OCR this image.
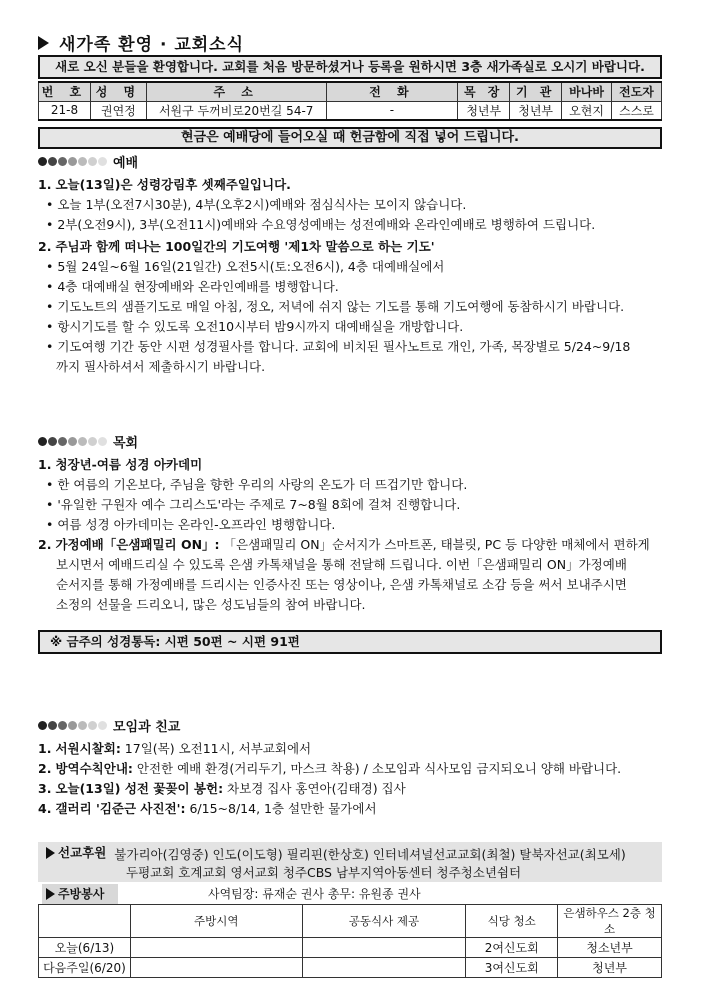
새가족 환영 · 교회소식
새로 오신 분들을 환영합니다. 교회를 처음 방문하셨거나 등록을 원하시면 3층 새가족실로 오시기 바랍니다.
번 호	성 명	주 소	전 화	목 장	기 관	바나바	전도자
21-8	권연정	서원구 두꺼비로20번길 54-7	-	청년부	청년부	오현지	스스로
현금은 예배당에 들어오실 때 헌금함에 직접 넣어 드립니다.
예배
1. 오늘(13일)은 성령강림후 셋째주일입니다.
• 오늘 1부(오전7시30분), 4부(오후2시)예배와 점심식사는 모이지 않습니다.
• 2부(오전9시), 3부(오전11시)예배와 수요영성예배는 성전예배와 온라인예배로 병행하여 드립니다.
2. 주님과 함께 떠나는 100일간의 기도여행 '제1차 말씀으로 하는 기도'
• 5월 24일~6월 16일(21일간) 오전5시(토:오전6시), 4층 대예배실에서
• 4층 대예배실 현장예배와 온라인예배를 병행합니다.
• 기도노트의 샘플기도로 매일 아침, 정오, 저녁에 쉬지 않는 기도를 통해 기도여행에 동참하시기 바랍니다.
• 항시기도를 할 수 있도록 오전10시부터 밤9시까지 대예배실을 개방합니다.
• 기도여행 기간 동안 시편 성경필사를 합니다. 교회에 비치된 필사노트로 개인, 가족, 목장별로 5/24~9/18
까지 필사하셔서 제출하시기 바랍니다.
목회
1. 청장년-여름 성경 아카데미
• 한 여름의 기온보다, 주님을 향한 우리의 사랑의 온도가 더 뜨겁기만 합니다.
• '유일한 구원자 예수 그리스도'라는 주제로 7~8월 8회에 걸쳐 진행합니다.
• 여름 성경 아카데미는 온라인-오프라인 병행합니다.
2. 가정예배「은샘패밀리 ON」: 「은샘패밀리 ON」순서지가 스마트폰, 태블릿, PC 등 다양한 매체에서 편하게
보시면서 예배드리실 수 있도록 은샘 카톡채널을 통해 전달해 드립니다. 이번「은샘패밀리 ON」가정예배
순서지를 통해 가정예배를 드리시는 인증사진 또는 영상이나, 은샘 카톡채널로 소감 등을 써서 보내주시면
소정의 선물을 드리오니, 많은 성도님들의 참여 바랍니다.
※ 금주의 성경통독: 시편 50편 ~ 시편 91편
모임과 친교
1. 서원시찰회: 17일(목) 오전11시, 서부교회에서
2. 방역수칙안내: 안전한 예배 환경(거리두기, 마스크 착용) / 소모임과 식사모임 금지되오니 양해 바랍니다.
3. 오늘(13일) 성전 꽃꽂이 봉헌: 차보경 집사 홍연아(김태경) 집사
4. 갤러리 '김준근 사진전': 6/15~8/14, 1층 설만한 물가에서
선교후원 불가리아(김영중) 인도(이도형) 필리핀(한상호) 인터네셔널선교교회(최철) 탈북자선교(최모세)
두평교회 호계교회 영서교회 청주CBS 남부지역아동센터 청주청소년쉼터
주방봉사	사역팀장: 류재순 권사 총무: 유원종 권사
	주방시역	공동식사 제공	식당 청소	은샘하우스 2층 청소
오늘(6/13)			2여신도회	청소년부
다음주일(6/20)			3여신도회	청년부
